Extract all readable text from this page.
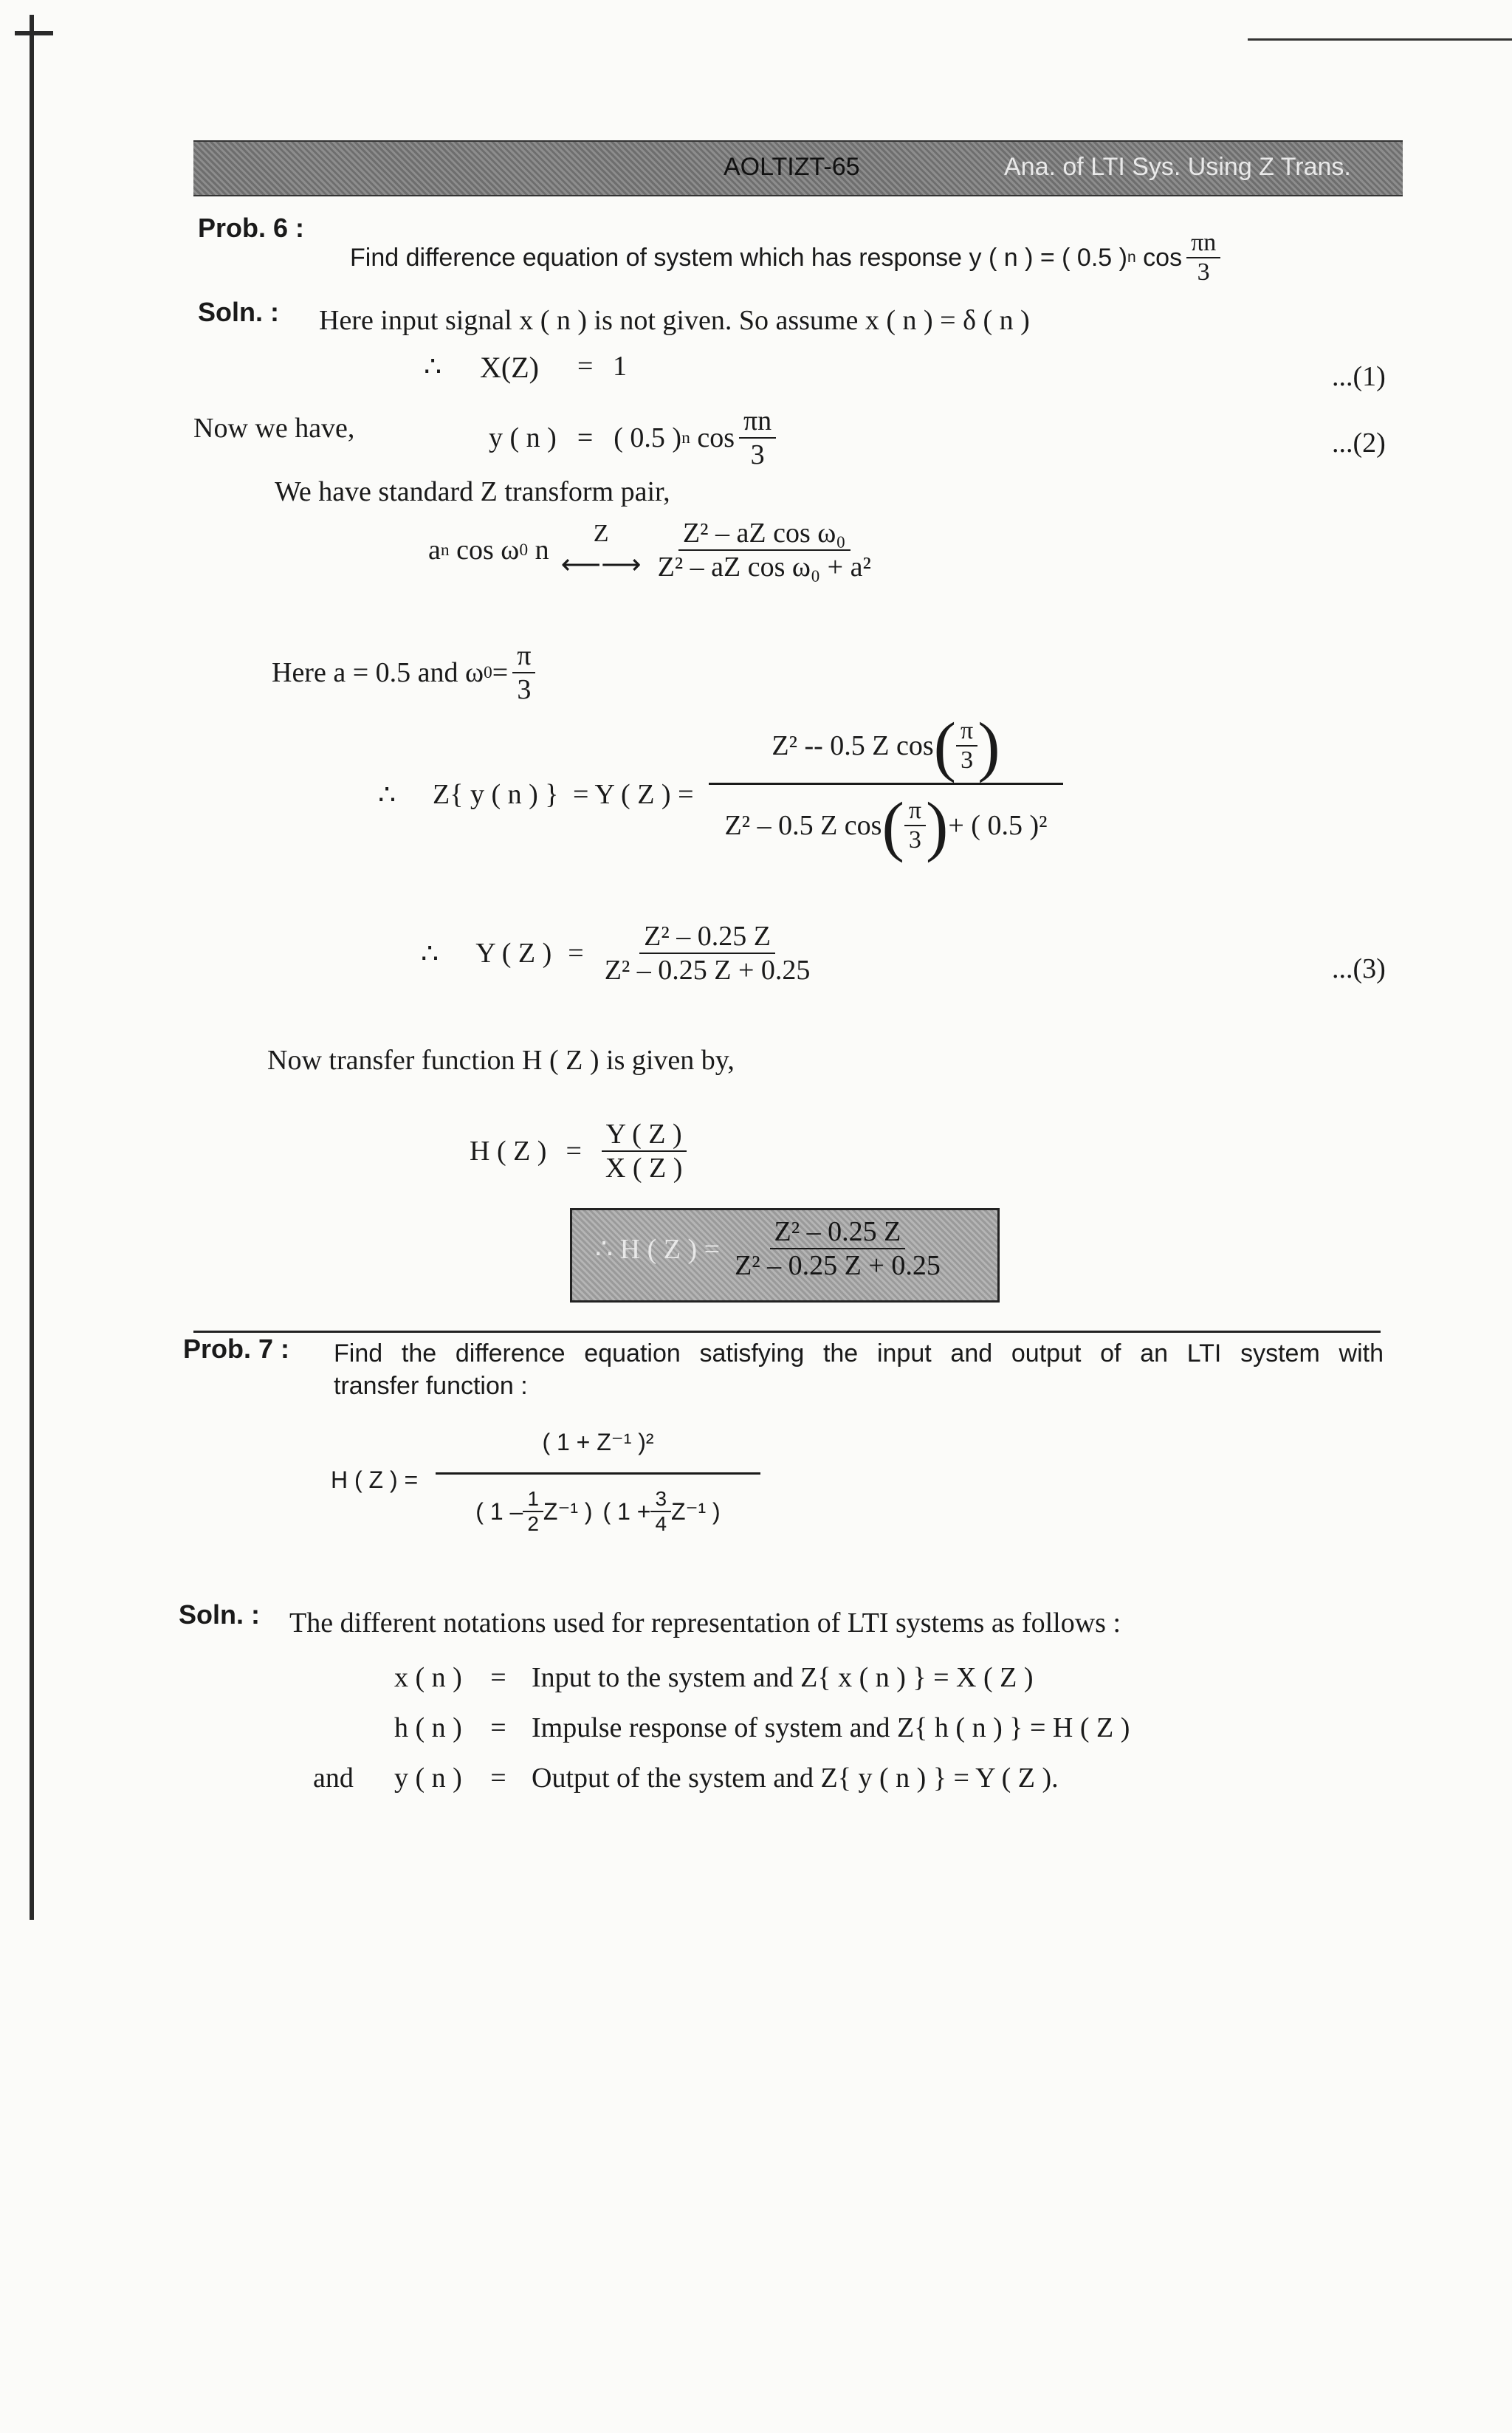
AOLTIZT-65	Ana. of LTI Sys. Using Z Trans.
Prob. 6 :
Find difference equation of system which has response y ( n ) = ( 0.5 ) n
$\cos \frac{\pi n}{3}$
Soln. : Here input signal x ( n ) is not given. So assume x ( n ) = δ ( n )
∴ X(Z) = 1	...(1)
Now we have,	y ( n ) = ( 0.5 ) n
$\cos \frac{\pi n}{3}$	...(2)
We have standard Z transform pair,
a n
cos ω 0
n
Z
⟵⟶ $\frac{\text{Z² – aZ cos ω₀}}{\text{Z² – aZ cos ω₀ + a²}}$
Here a = 0.5 and ω $0 = \frac{\pi}{3}$
∴ Z{ y ( n ) } = Y ( Z ) =
Z² -- 0.5 Z cos ( $\frac{\pi}{3}$ )
Z² – 0.5 Z cos ( $\frac{\pi}{3}$ ) + ( 0.5 )²
∴ Y ( Z ) = $\frac{\text{Z² – 0.25 Z}}{\text{Z² – 0.25 Z + 0.25}}$	...(3)
Now transfer function H ( Z ) is given by,
H ( Z ) = $\frac{Y ( Z )}{X ( Z )}$
∴ H ( Z ) = $\frac{\text{Z² – 0.25 Z}}{\text{Z² – 0.25 Z + 0.25}}$
Prob. 7 : Find the difference equation satisfying the input and output of an LTI system with
transfer function :
H ( Z ) =
( 1 + Z⁻¹ )²
( $1 - \frac{1}{2} Z^{-1}$ ) ( $1 + \frac{3}{4} Z^{-1}$ )
Soln. : The different notations used for representation of LTI systems as follows :
x ( n )	= Input to the system and Z{ x ( n ) } = X ( Z )
h ( n )	= Impulse response of system and Z{ h ( n ) } = H ( Z )
and	y ( n )	= Output of the system and Z{ y ( n ) } = Y ( Z ).
